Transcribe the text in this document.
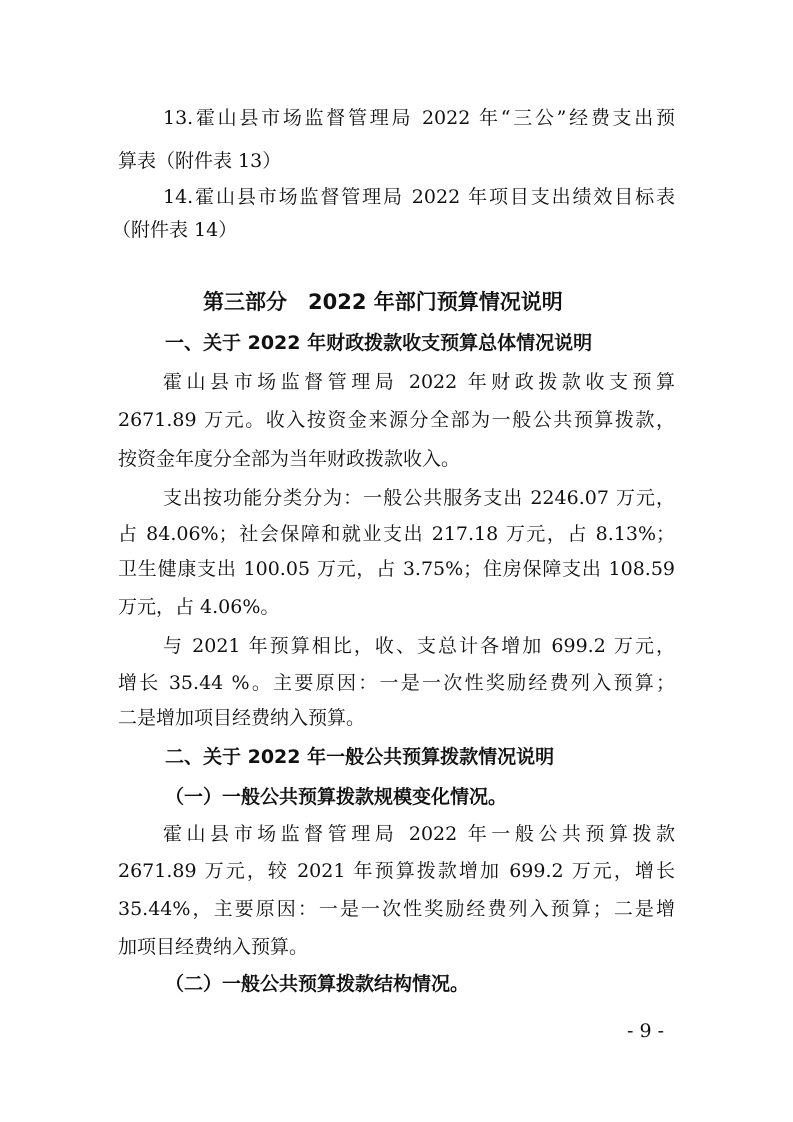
13.霍山县市场监督管理局 2022 年“三公”经费支出预
算表（附件表 13）
14.霍山县市场监督管理局 2022 年项目支出绩效目标表
（附件表 14）
第三部分　2022 年部门预算情况说明
一、关于 2022 年财政拨款收支预算总体情况说明
霍山县市场监督管理局 2022 年财政拨款收支预算
2671.89 万元。收入按资金来源分全部为一般公共预算拨款，
按资金年度分全部为当年财政拨款收入。
支出按功能分类分为：一般公共服务支出 2246.07 万元，
占 84.06%；社会保障和就业支出 217.18 万元，占 8.13%；
卫生健康支出 100.05 万元，占 3.75%；住房保障支出 108.59
万元，占 4.06%。
与 2021 年预算相比，收、支总计各增加 699.2 万元，
增长 35.44 %。主要原因：一是一次性奖励经费列入预算；
二是增加项目经费纳入预算。
二、关于 2022 年一般公共预算拨款情况说明
（一）一般公共预算拨款规模变化情况。
霍山县市场监督管理局 2022 年一般公共预算拨款
2671.89 万元，较 2021 年预算拨款增加 699.2 万元，增长
35.44%，主要原因：一是一次性奖励经费列入预算；二是增
加项目经费纳入预算。
（二）一般公共预算拨款结构情况。
- 9 -
